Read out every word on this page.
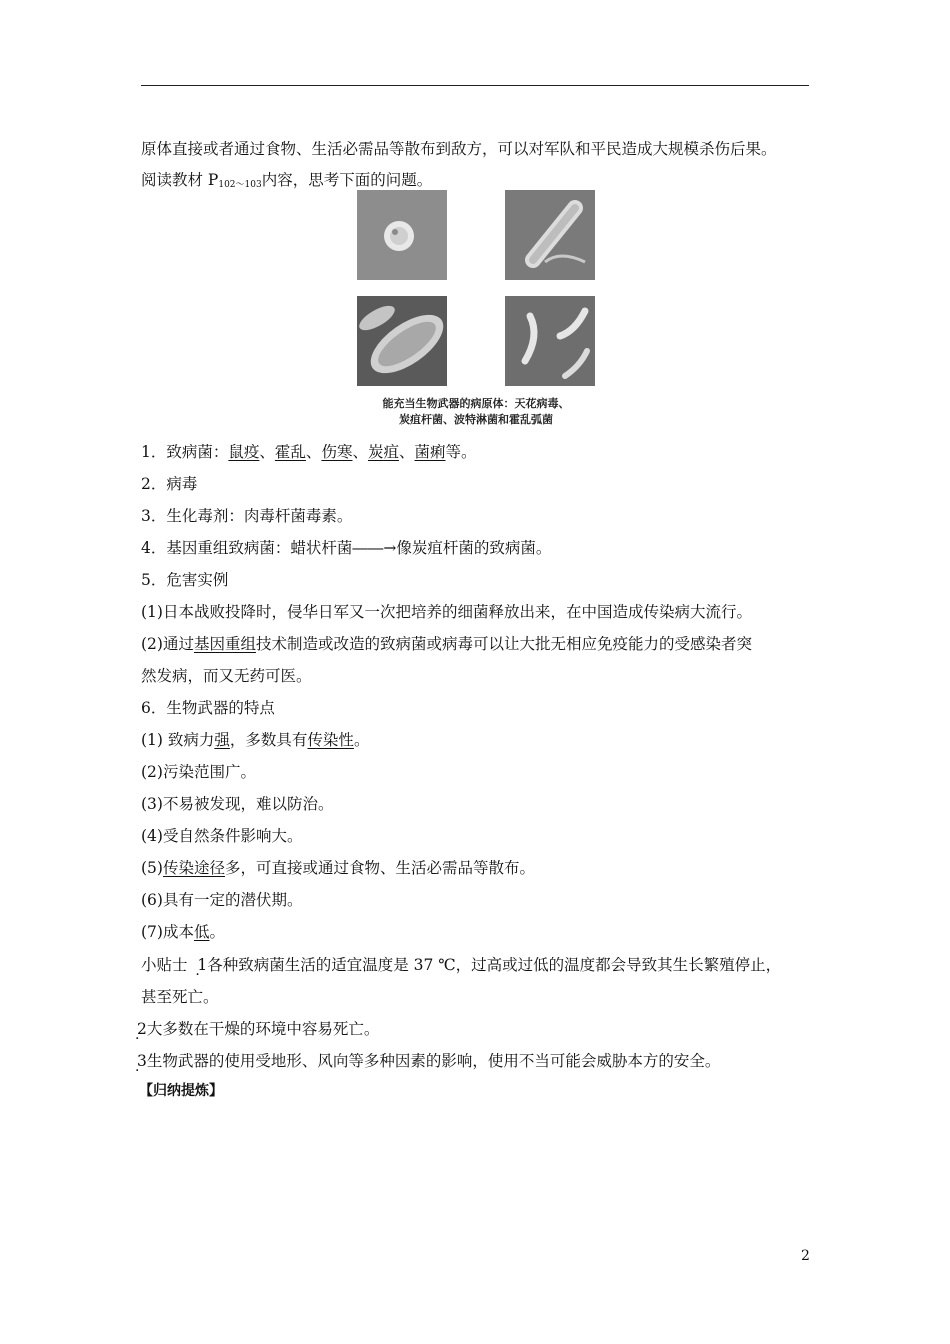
原体直接或者通过食物、生活必需品等散布到敌方，可以对军队和平民造成大规模杀伤后果。
阅读教材 $P_{102\sim 103}$内容，思考下面的问题。
能充当生物武器的病原体：天花病毒、
炭疽杆菌、波特淋菌和霍乱弧菌
1．致病菌：鼠疫、霍乱、伤寒、炭疽、菌痢等。
2．病毒
3．生化毒剂：肉毒杆菌毒素。
4．基因重组致病菌：蜡状杆菌――→像炭疽杆菌的致病菌。
5．危害实例
(1)日本战败投降时，侵华日军又一次把培养的细菌释放出来，在中国造成传染病大流行。
(2)通过基因重组技术制造或改造的致病菌或病毒可以让大批无相应免疫能力的受感染者突
然发病，而又无药可医。
6．生物武器的特点
(1) 致病力强，多数具有传染性。
(2)污染范围广。
(3)不易被发现，难以防治。
(4)受自然条件影响大。
(5)传染途径多，可直接或通过食物、生活必需品等散布。
(6)具有一定的潜伏期。
(7)成本低。
小贴士 1 ·各种致病菌生活的适宜温度是 37 ℃，过高或过低的温度都会导致其生长繁殖停止，
甚至死亡。
2 ·大多数在干燥的环境中容易死亡。
3 ·生物武器的使用受地形、风向等多种因素的影响，使用不当可能会威胁本方的安全。
【归纳提炼】
2
